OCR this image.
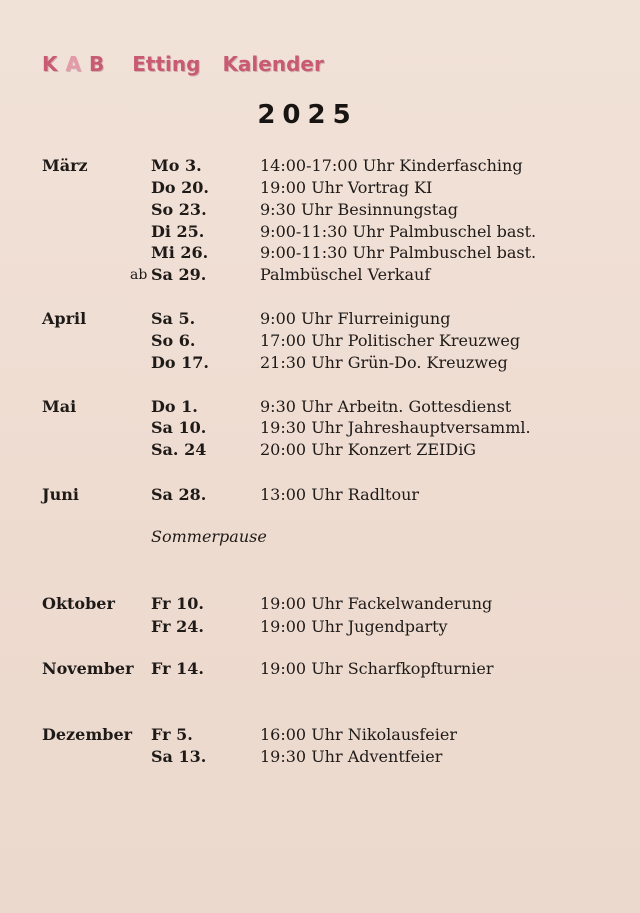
K A B Etting Kalender
2025
März	Mo 3.	14:00-17:00 Uhr Kinderfasching
Do 20.	19:00 Uhr Vortrag KI
So 23.	9:30 Uhr Besinnungstag
Di 25.	9:00-11:30 Uhr Palmbuschel bast.
Mi 26.	9:00-11:30 Uhr Palmbuschel bast.
ab Sa 29.	Palmbüschel Verkauf
April	Sa 5.	9:00 Uhr Flurreinigung
So 6.	17:00 Uhr Politischer Kreuzweg
Do 17.	21:30 Uhr Grün-Do. Kreuzweg
Mai	Do 1.	9:30 Uhr Arbeitn. Gottesdienst
Sa 10.	19:30 Uhr Jahreshauptversamml.
Sa. 24	20:00 Uhr Konzert ZEIDiG
Juni	Sa 28.	13:00 Uhr Radltour
Sommerpause
Oktober Fr 10.	19:00 Uhr Fackelwanderung
Fr 24.	19:00 Uhr Jugendparty
November Fr 14.	19:00 Uhr Scharfkopfturnier
Dezember Fr 5.	16:00 Uhr Nikolausfeier
Sa 13.	19:30 Uhr Adventfeier
